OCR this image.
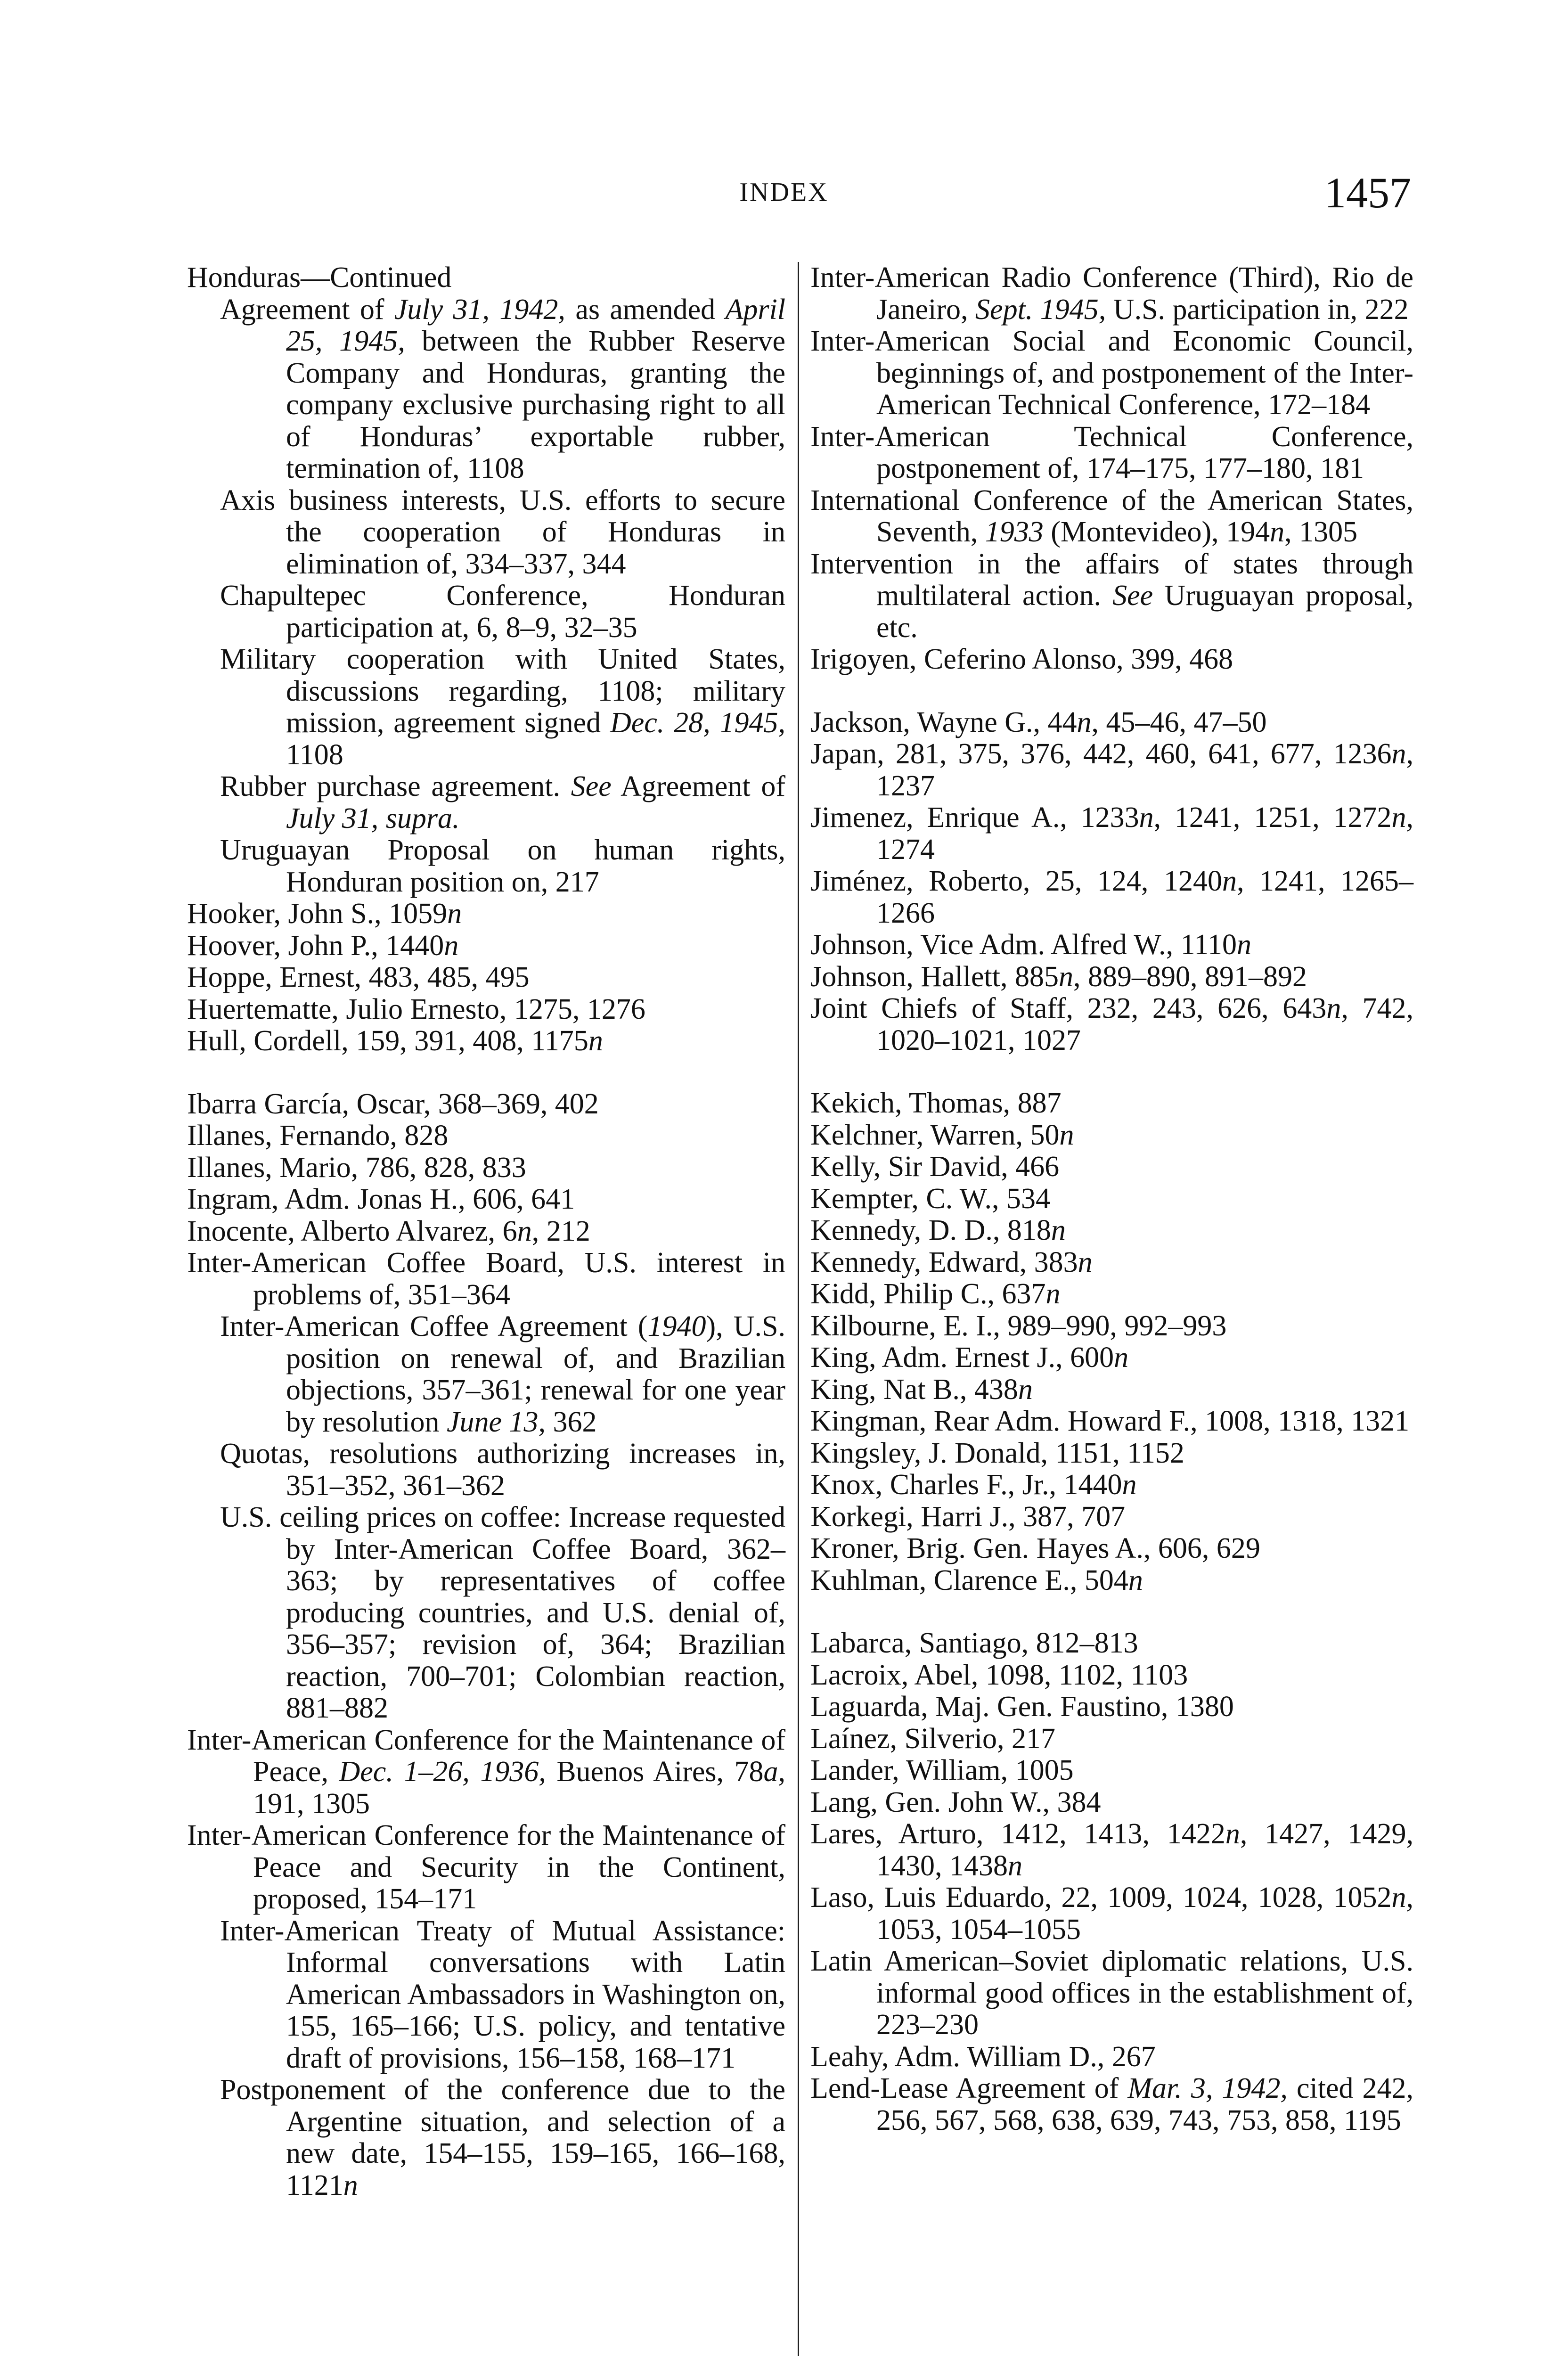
INDEX	1457
Honduras—Continued
Agreement of July 31, 1942, as amended April 25, 1945, between the Rubber Reserve Company and Honduras, granting the company exclusive purchasing right to all of Honduras’ exportable rubber, termination of, 1108
Axis business interests, U.S. efforts to secure the cooperation of Honduras in elimination of, 334–337, 344
Chapultepec Conference, Honduran participation at, 6, 8–9, 32–35
Military cooperation with United States, discussions regarding, 1108; military mission, agreement signed Dec. 28, 1945, 1108
Rubber purchase agreement. See Agreement of July 31, supra.
Uruguayan Proposal on human rights, Honduran position on, 217
Hooker, John S., 1059n
Hoover, John P., 1440n
Hoppe, Ernest, 483, 485, 495
Huertematte, Julio Ernesto, 1275, 1276
Hull, Cordell, 159, 391, 408, 1175n
Ibarra García, Oscar, 368–369, 402
Illanes, Fernando, 828
Illanes, Mario, 786, 828, 833
Ingram, Adm. Jonas H., 606, 641
Inocente, Alberto Alvarez, 6n, 212
Inter-American Coffee Board, U.S. interest in problems of, 351–364
Inter-American Coffee Agreement (1940), U.S. position on renewal of, and Brazilian objections, 357–361; renewal for one year by resolution June 13, 362
Quotas, resolutions authorizing increases in, 351–352, 361–362
U.S. ceiling prices on coffee: Increase requested by Inter-American Coffee Board, 362–363; by representatives of coffee producing countries, and U.S. denial of, 356–357; revision of, 364; Brazilian reaction, 700–701; Colombian reaction, 881–882
Inter-American Conference for the Maintenance of Peace, Dec. 1–26, 1936, Buenos Aires, 78a, 191, 1305
Inter-American Conference for the Maintenance of Peace and Security in the Continent, proposed, 154–171
Inter-American Treaty of Mutual Assistance: Informal conversations with Latin American Ambassadors in Washington on, 155, 165–166; U.S. policy, and tentative draft of provisions, 156–158, 168–171
Postponement of the conference due to the Argentine situation, and selection of a new date, 154–155, 159–165, 166–168, 1121n
Inter-American Radio Conference (Third), Rio de Janeiro, Sept. 1945, U.S. participation in, 222
Inter-American Social and Economic Council, beginnings of, and postponement of the Inter-American Technical Conference, 172–184
Inter-American Technical Conference, postponement of, 174–175, 177–180, 181
International Conference of the American States, Seventh, 1933 (Montevideo), 194n, 1305
Intervention in the affairs of states through multilateral action. See Uruguayan proposal, etc.
Irigoyen, Ceferino Alonso, 399, 468
Jackson, Wayne G., 44n, 45–46, 47–50
Japan, 281, 375, 376, 442, 460, 641, 677, 1236n, 1237
Jimenez, Enrique A., 1233n, 1241, 1251, 1272n, 1274
Jiménez, Roberto, 25, 124, 1240n, 1241, 1265–1266
Johnson, Vice Adm. Alfred W., 1110n
Johnson, Hallett, 885n, 889–890, 891–892
Joint Chiefs of Staff, 232, 243, 626, 643n, 742, 1020–1021, 1027
Kekich, Thomas, 887
Kelchner, Warren, 50n
Kelly, Sir David, 466
Kempter, C. W., 534
Kennedy, D. D., 818n
Kennedy, Edward, 383n
Kidd, Philip C., 637n
Kilbourne, E. I., 989–990, 992–993
King, Adm. Ernest J., 600n
King, Nat B., 438n
Kingman, Rear Adm. Howard F., 1008, 1318, 1321
Kingsley, J. Donald, 1151, 1152
Knox, Charles F., Jr., 1440n
Korkegi, Harri J., 387, 707
Kroner, Brig. Gen. Hayes A., 606, 629
Kuhlman, Clarence E., 504n
Labarca, Santiago, 812–813
Lacroix, Abel, 1098, 1102, 1103
Laguarda, Maj. Gen. Faustino, 1380
Laínez, Silverio, 217
Lander, William, 1005
Lang, Gen. John W., 384
Lares, Arturo, 1412, 1413, 1422n, 1427, 1429, 1430, 1438n
Laso, Luis Eduardo, 22, 1009, 1024, 1028, 1052n, 1053, 1054–1055
Latin American–Soviet diplomatic relations, U.S. informal good offices in the establishment of, 223–230
Leahy, Adm. William D., 267
Lend-Lease Agreement of Mar. 3, 1942, cited 242, 256, 567, 568, 638, 639, 743, 753, 858, 1195
